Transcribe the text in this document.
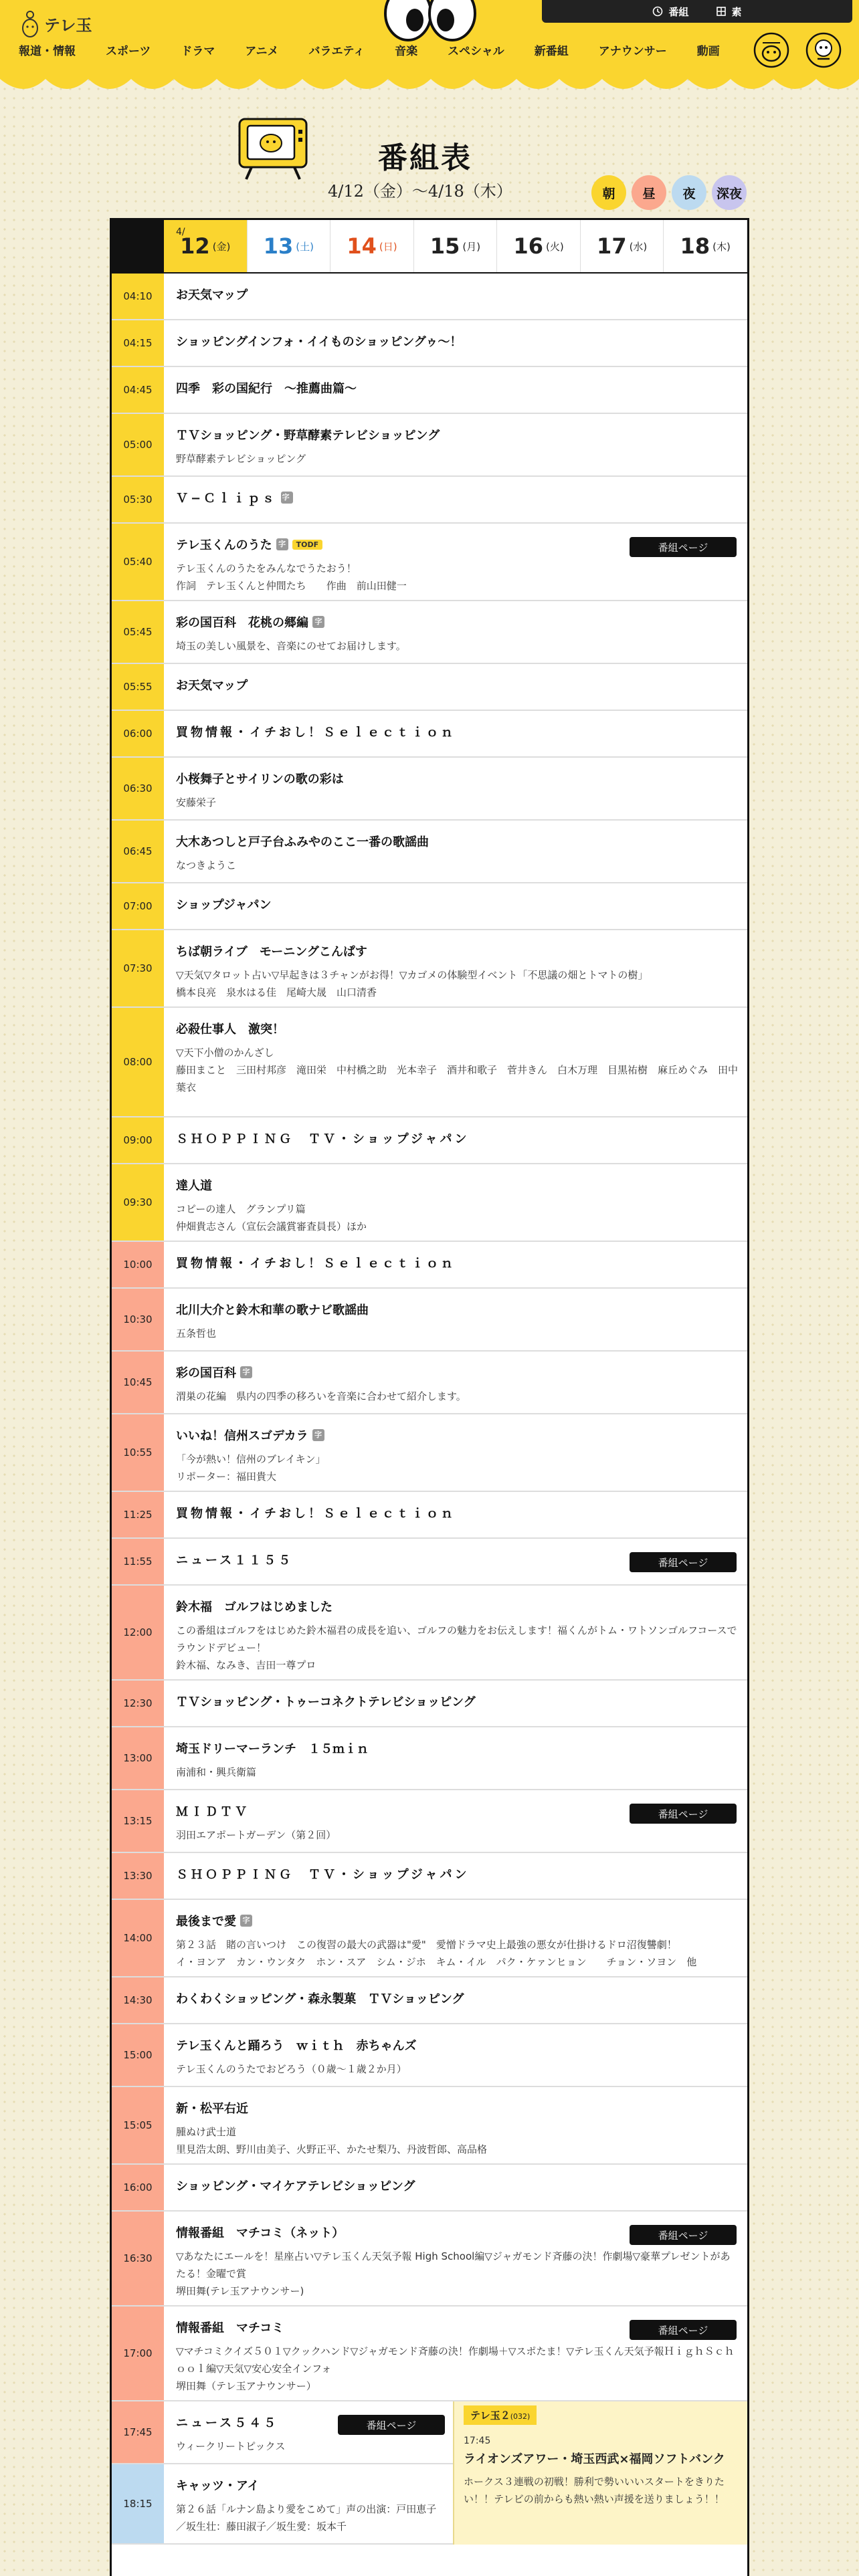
テレ玉
番組	素
報道・情報	スポーツ	ドラマ	アニメ	バラエティ	音楽	スペシャル	新番組	アナウンサー	動画
番組表
4/12（金）〜4/18（木）	朝	昼	夜	深夜
4/
12 (金) 13 (土) 14 (日) 15 (月) 16 (火) 17 (水) 18 (木)
04:10	お天気マップ
04:15	ショッピングインフォ・イイものショッピングゥ〜！
04:45	四季　彩の国紀行　〜推薦曲篇〜
05:00
ＴＶショッピング・野草酵素テレビショッピング
野草酵素テレビショッピング
05:30	Ｖ−Ｃｌｉｐｓ 字
05:40
テレ玉くんのうた 字	TODF
テレ玉くんのうたをみんなでうたおう！
作詞　テレ玉くんと仲間たち　　作曲　前山田健一
番組ページ
05:45
彩の国百科　花桃の郷編 字
埼玉の美しい風景を、音楽にのせてお届けします。
05:55	お天気マップ
06:00	買物情報・イチおし！Ｓｅｌｅｃｔｉｏｎ
06:30
小桜舞子とサイリンの歌の彩は
安藤栄子
06:45
大木あつしと戸子台ふみやのここ一番の歌謡曲
なつきようこ
07:00	ショップジャパン
07:30
ちば朝ライブ　モーニングこんぱす
▽天気▽タロット占い▽早起きは３チャンがお得！▽カゴメの体験型イベント「不思議の畑とトマトの樹」
橋本良亮　泉水はる佳　尾崎大晟　山口清香
08:00
必殺仕事人　激突！
▽天下小僧のかんざし
藤田まこと　三田村邦彦　滝田栄　中村橋之助　光本幸子　酒井和歌子　菅井きん　白木万理　目黒祐樹　麻丘めぐみ　田中葉衣
09:00	ＳＨＯＰＰＩＮＧ　ＴＶ・ショップジャパン
09:30
達人道
コピーの達人　グランプリ篇
仲畑貴志さん（宣伝会議賞審査員長）ほか
10:00	買物情報・イチおし！Ｓｅｌｅｃｔｉｏｎ
10:30
北川大介と鈴木和華の歌ナビ歌謡曲
五条哲也
10:45
彩の国百科 字
渭巣の花編　県内の四季の移ろいを音楽に合わせて紹介します。
10:55
いいね！信州スゴデカラ 字
「今が熱い！信州のブレイキン」
リポーター：福田貴大
11:25	買物情報・イチおし！Ｓｅｌｅｃｔｉｏｎ
11:55	ニュース１１５５	番組ページ
12:00
鈴木福　ゴルフはじめました
この番組はゴルフをはじめた鈴木福君の成長を追い、ゴルフの魅力をお伝えします！福くんがトム・ワトソンゴルフコースでラウンドデビュー！
鈴木福、なみき、吉田一尊プロ
12:30	ＴＶショッピング・トゥーコネクトテレビショッピング
13:00
埼玉ドリーマーランチ　１５ｍｉｎ
南浦和・興兵衛篇
13:15
ＭＩＤＴＶ
羽田エアポートガーデン（第２回）
番組ページ
13:30	ＳＨＯＰＰＩＮＧ　ＴＶ・ショップジャパン
14:00
最後まで愛 字
第２３話　賭の言いつけ　この復習の最大の武器は"愛"　愛憎ドラマ史上最強の悪女が仕掛けるドロ沼復讐劇！
イ・ヨンア　カン・ウンタク　ホン・スア　シム・ジホ　キム・イル　パク・ケァンヒョン　　チョン・ソヨン　他
14:30	わくわくショッピング・森永製菓　ＴＶショッピング
15:00
テレ玉くんと踊ろう　ｗｉｔｈ　赤ちゃんズ
テレ玉くんのうたでおどろう（０歳〜１歳２か月）
15:05
新・松平右近
腫ぬけ武士道
里見浩太朗、野川由美子、火野正平、かたせ梨乃、丹波哲郎、高品格
16:00	ショッピング・マイケアテレビショッピング
16:30
情報番組　マチコミ（ネット）
▽あなたにエールを！星座占い▽テレ玉くん天気予報 High School編▽ジャガモンド斉藤の決！作劇場▽豪華プレゼントがあたる！金曜で賞
堺田舞(テレ玉アナウンサー)
番組ページ
17:00
情報番組　マチコミ
▽マチコミクイズ５０１▽クックハンド▽ジャガモンド斉藤の決！作劇場＋▽スポたま！▽テレ玉くん天気予報ＨｉｇｈＳｃｈｏｏｌ編▽天気▽安心安全インフォ
堺田舞（テレ玉アナウンサー）
番組ページ
17:45
ニュース５４５
ウィークリートピックス
番組ページ
18:15
キャッツ・アイ
第２６話「ルナン島より愛をこめて」声の出演：戸田恵子／坂生壮：藤田淑子／坂生愛：坂本千
テレ玉２(032)
17:45
ライオンズアワー・埼玉西武×福岡ソフトバンク
ホークス３連戦の初戦！勝利で勢いいいスタートをきりたい！！テレビの前からも熱い熱い声援を送りましょう！！
